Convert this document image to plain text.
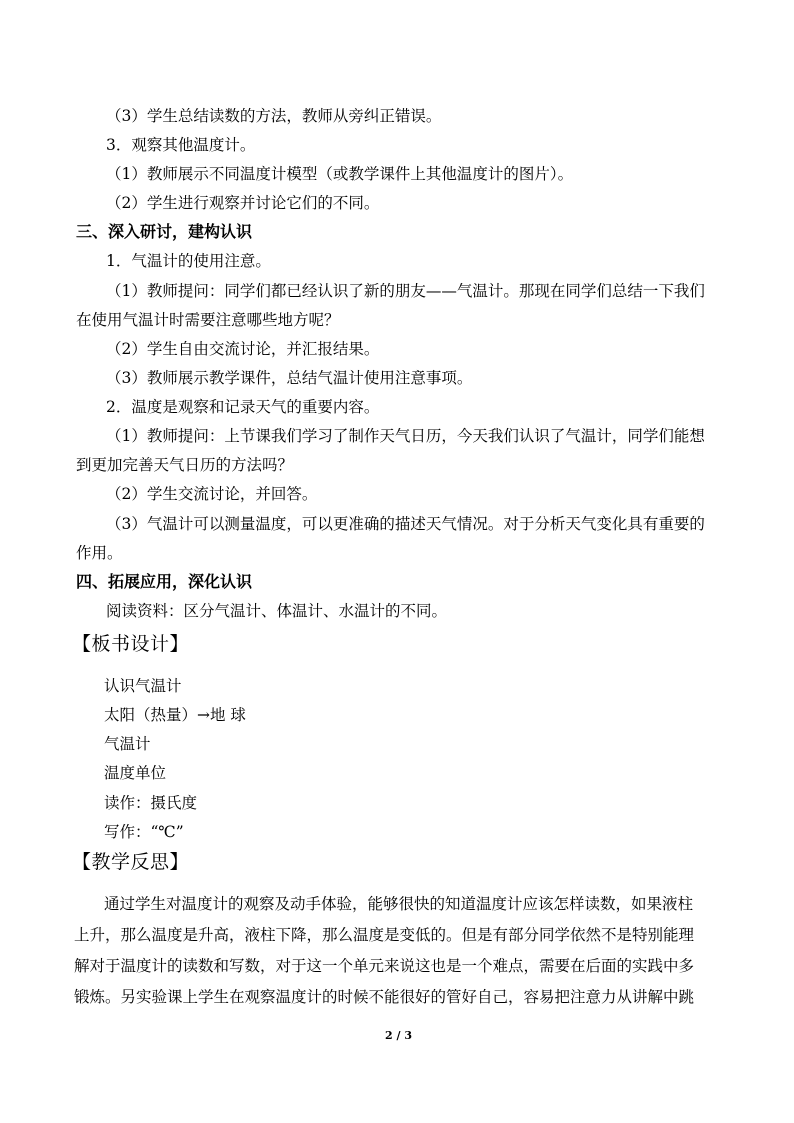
（3）学生总结读数的方法，教师从旁纠正错误。
3．观察其他温度计。
（1）教师展示不同温度计模型（或教学课件上其他温度计的图片）。
（2）学生进行观察并讨论它们的不同。
三、深入研讨，建构认识
1．气温计的使用注意。
（1）教师提问：同学们都已经认识了新的朋友——气温计。那现在同学们总结一下我们
在使用气温计时需要注意哪些地方呢？
（2）学生自由交流讨论，并汇报结果。
（3）教师展示教学课件，总结气温计使用注意事项。
2．温度是观察和记录天气的重要内容。
（1）教师提问：上节课我们学习了制作天气日历，今天我们认识了气温计，同学们能想
到更加完善天气日历的方法吗？
（2）学生交流讨论，并回答。
（3）气温计可以测量温度，可以更准确的描述天气情况。对于分析天气变化具有重要的
作用。
四、拓展应用，深化认识
阅读资料：区分气温计、体温计、水温计的不同。
【板书设计】
认识气温计
太阳（热量）→地 球
气温计
温度单位
读作：摄氏度
写作：“℃”
【教学反思】
通过学生对温度计的观察及动手体验，能够很快的知道温度计应该怎样读数，如果液柱
上升，那么温度是升高，液柱下降，那么温度是变低的。但是有部分同学依然不是特别能理
解对于温度计的读数和写数，对于这一个单元来说这也是一个难点，需要在后面的实践中多
锻炼。另实验课上学生在观察温度计的时候不能很好的管好自己，容易把注意力从讲解中跳
2 / 3
